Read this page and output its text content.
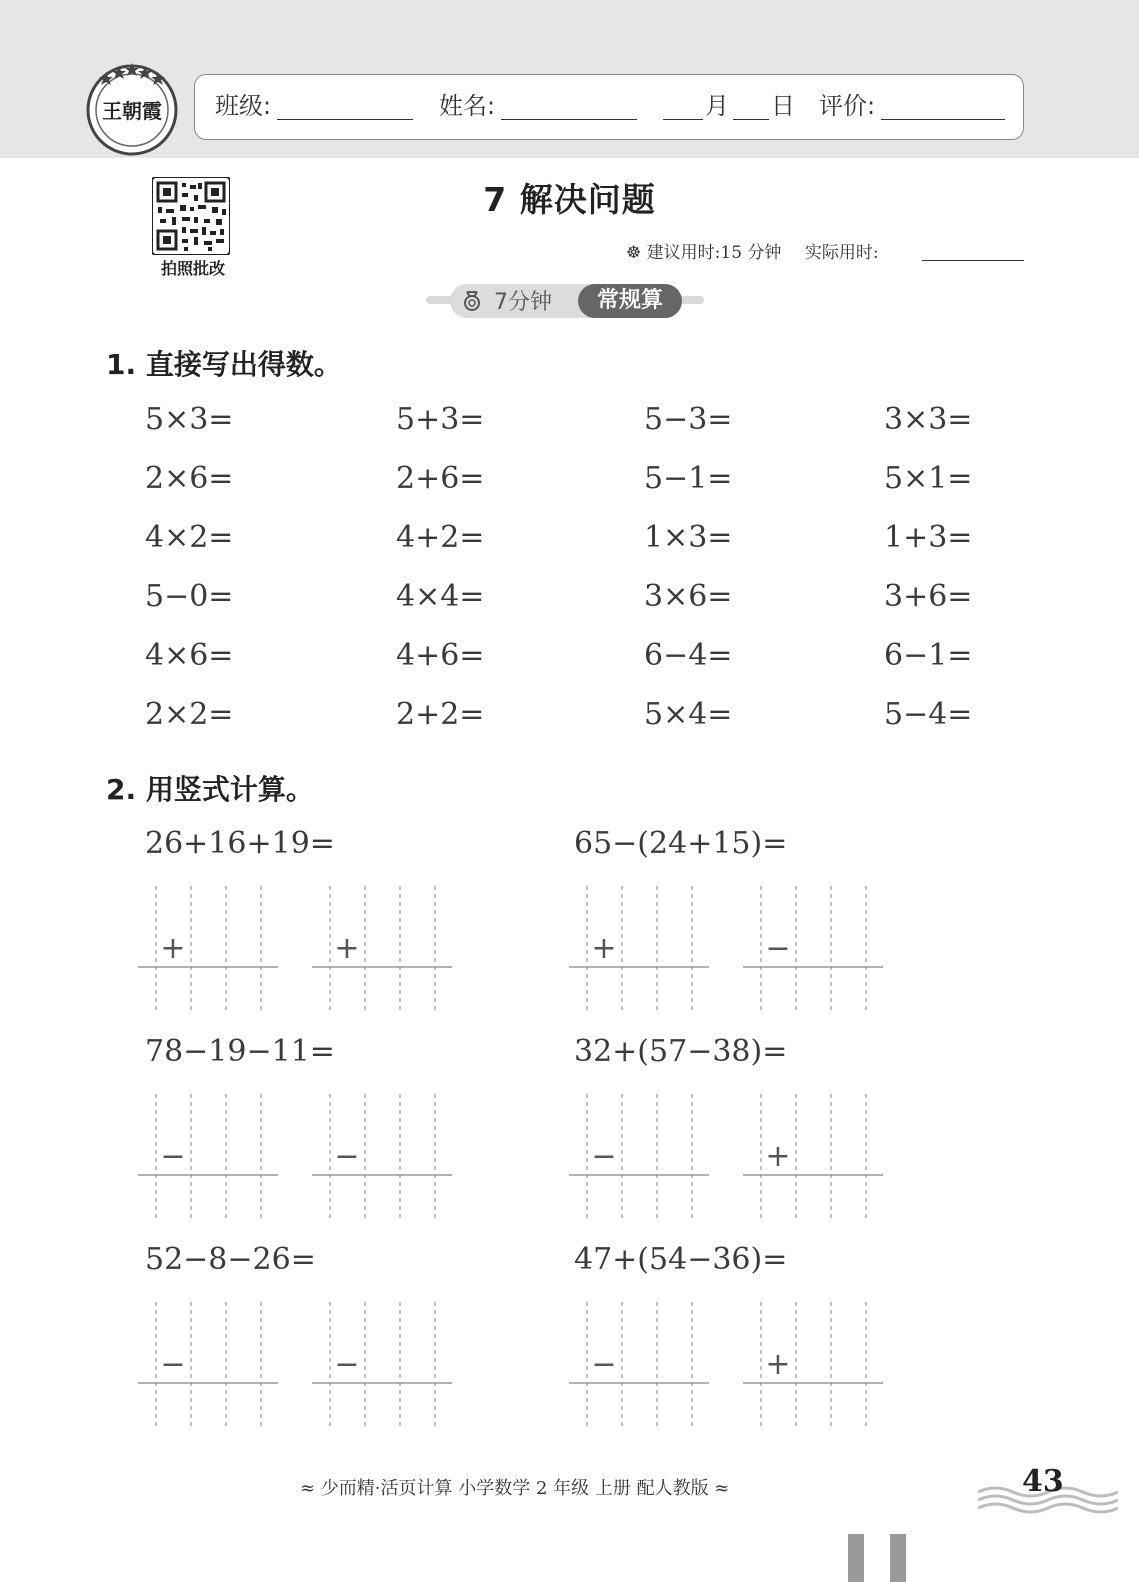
王朝霞 班级:	姓名:	月 日 评价:
拍照批改
7 解决问题
☸ 建议用时:15 分钟 实际用时:
7分钟	常规算
1. 直接写出得数。
5×3=	5+3=	5−3=	3×3=
2×6=	2+6=	5−1=	5×1=
4×2=	4+2=	1×3=	1+3=
5−0=	4×4=	3×6=	3+6=
4×6=	4+6=	6−4=	6−1=
2×2=	2+2=	5×4=	5−4=
2. 用竖式计算。
26+16+19=	65−(24+15)=
78−19−11=	32+(57−38)=
52−8−26=	47+(54−36)=
+	+	+	−
−	−	−	+
−	−	−	+
≈ 少而精·活页计算 小学数学 2 年级 上册 配人教版 ≈	43
